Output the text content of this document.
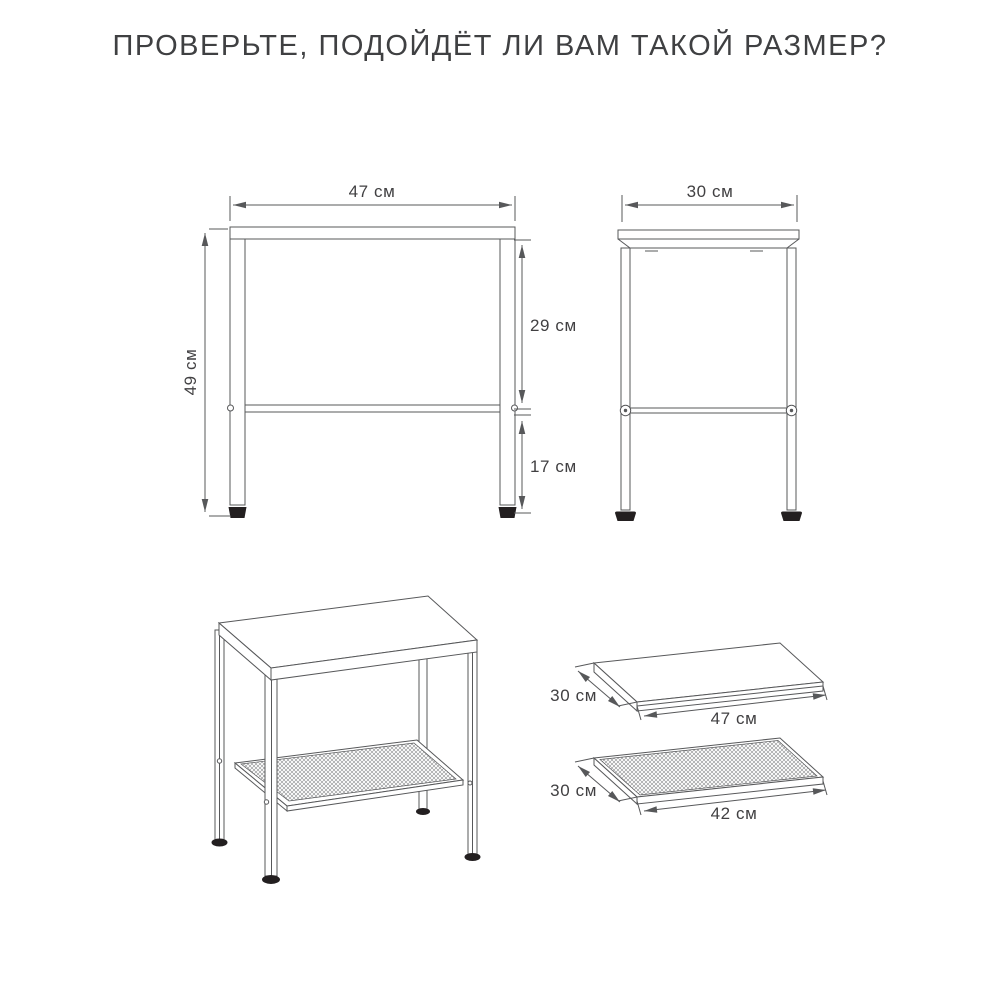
ПРОВЕРЬТЕ, ПОДОЙДЁТ ЛИ ВАМ ТАКОЙ РАЗМЕР?
47 см
49 см
29 см
17 см
30 см
30 см
47 см
30 см
42 см
